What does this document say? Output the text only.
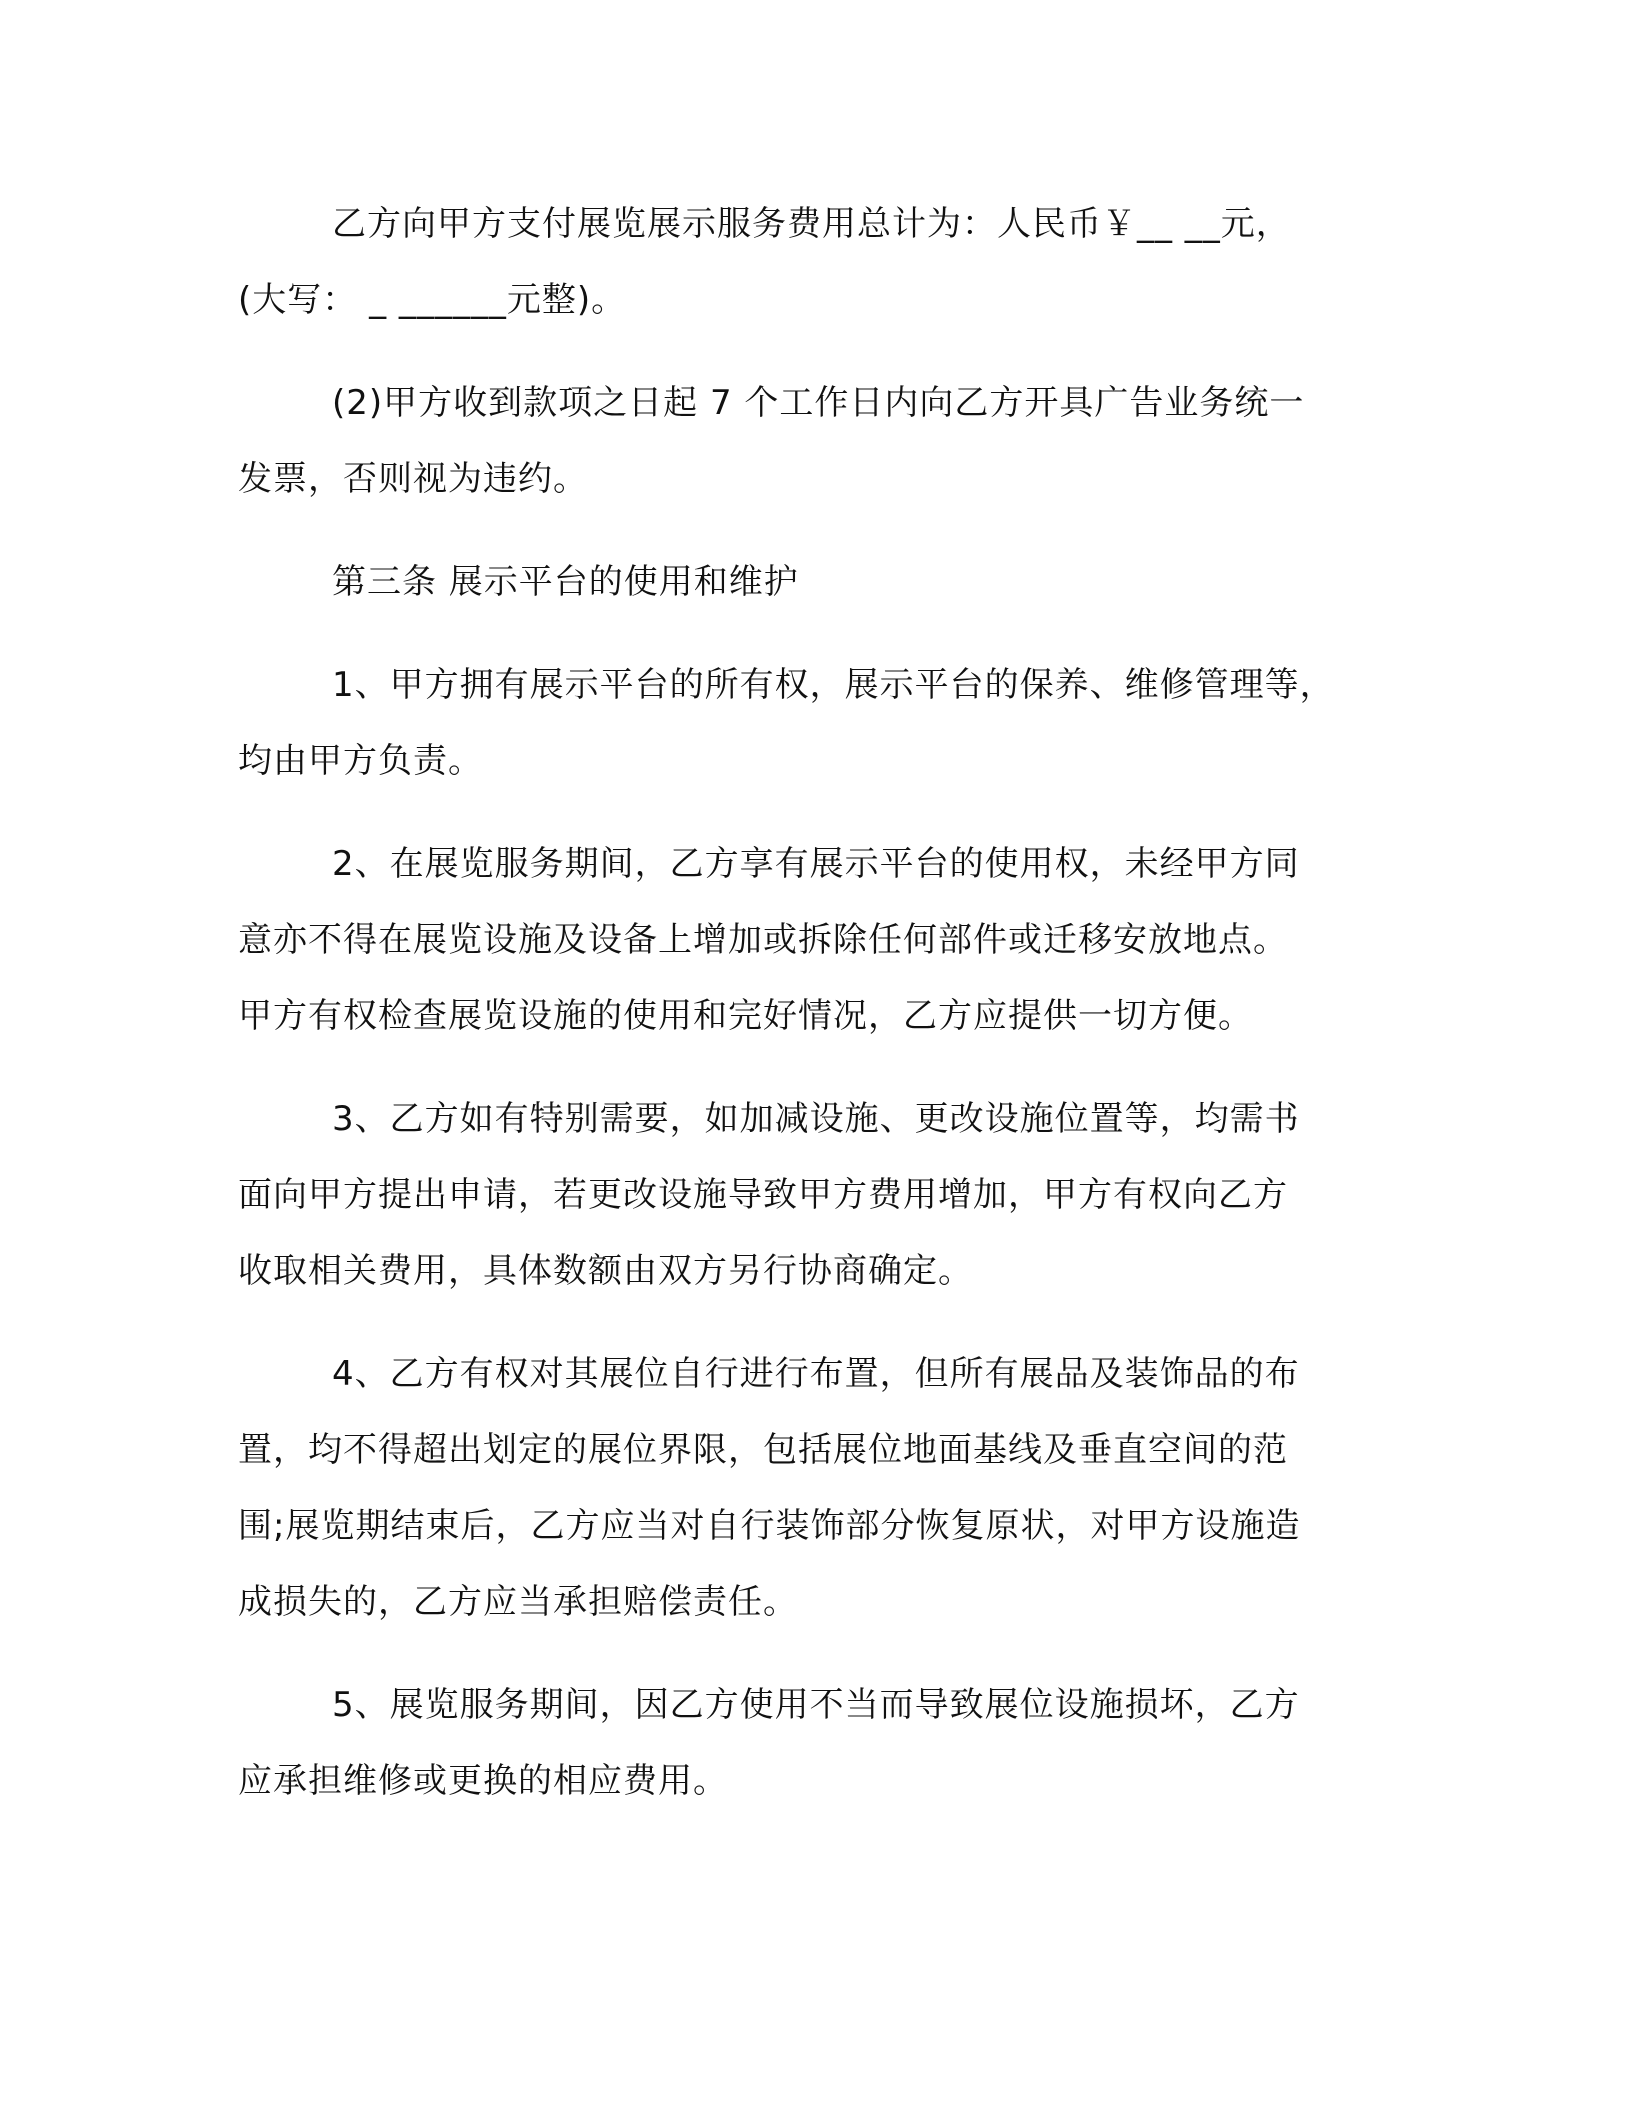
乙方向甲方支付展览展示服务费用总计为：人民币￥__ __元，
(大写： _ ______元整)。
(2)甲方收到款项之日起 7 个工作日内向乙方开具广告业务统一
发票，否则视为违约。
第三条 展示平台的使用和维护
1、甲方拥有展示平台的所有权，展示平台的保养、维修管理等，
均由甲方负责。
2、在展览服务期间，乙方享有展示平台的使用权，未经甲方同
意亦不得在展览设施及设备上增加或拆除任何部件或迁移安放地点。
甲方有权检查展览设施的使用和完好情况，乙方应提供一切方便。
3、乙方如有特别需要，如加减设施、更改设施位置等，均需书
面向甲方提出申请，若更改设施导致甲方费用增加，甲方有权向乙方
收取相关费用，具体数额由双方另行协商确定。
4、乙方有权对其展位自行进行布置，但所有展品及装饰品的布
置，均不得超出划定的展位界限，包括展位地面基线及垂直空间的范
围;展览期结束后，乙方应当对自行装饰部分恢复原状，对甲方设施造
成损失的，乙方应当承担赔偿责任。
5、展览服务期间，因乙方使用不当而导致展位设施损坏，乙方
应承担维修或更换的相应费用。
